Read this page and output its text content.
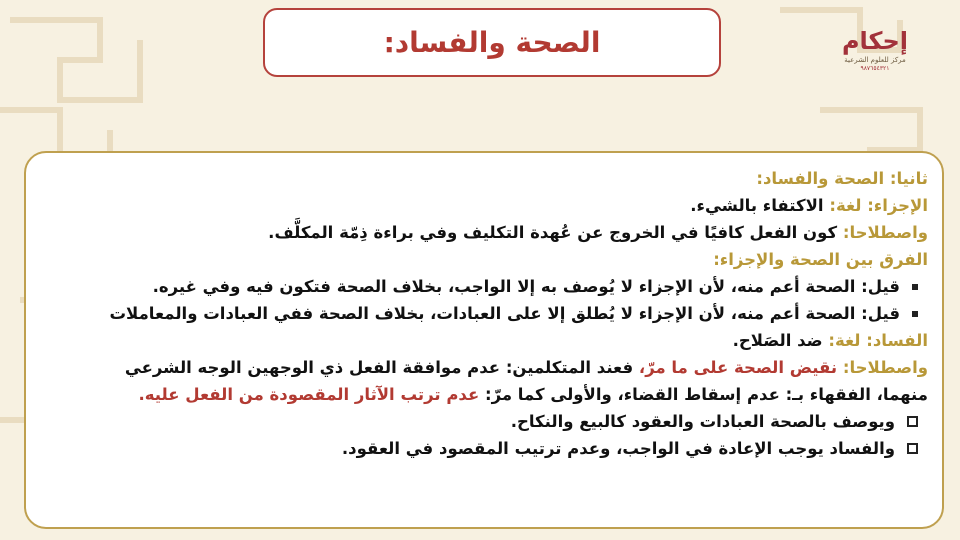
الصحة والفساد:	إحكام
مركز للعلوم الشرعية
٩٨٧٦٥٤٣٢١
ثانيا: الصحة والفساد:
الإجزاء: لغة: الاكتفاء بالشيء.
واصطلاحا: كون الفعل كافيًا في الخروج عن عُهدة التكليف وفي براءة ذِمّة المكلَّف.
الفرق بين الصحة والإجزاء:
قيل: الصحة أعم منه، لأن الإجزاء لا يُوصف به إلا الواجب، بخلاف الصحة فتكون فيه وفي غيره.
قيل: الصحة أعم منه، لأن الإجزاء لا يُطلق إلا على العبادات، بخلاف الصحة ففي العبادات والمعاملات
الفساد: لغة: ضد الصَلاح.
واصطلاحا: نقيض الصحة على ما مرّ، فعند المتكلمين: عدم موافقة الفعل ذي الوجهين الوجه الشرعي
منهما، الفقهاء بـ: عدم إسقاط القضاء، والأولى كما مرّ: عدم ترتب الآثار المقصودة من الفعل عليه.
ويوصف بالصحة العبادات والعقود كالبيع والنكاح.
والفساد يوجب الإعادة في الواجب، وعدم ترتيب المقصود في العقود.
